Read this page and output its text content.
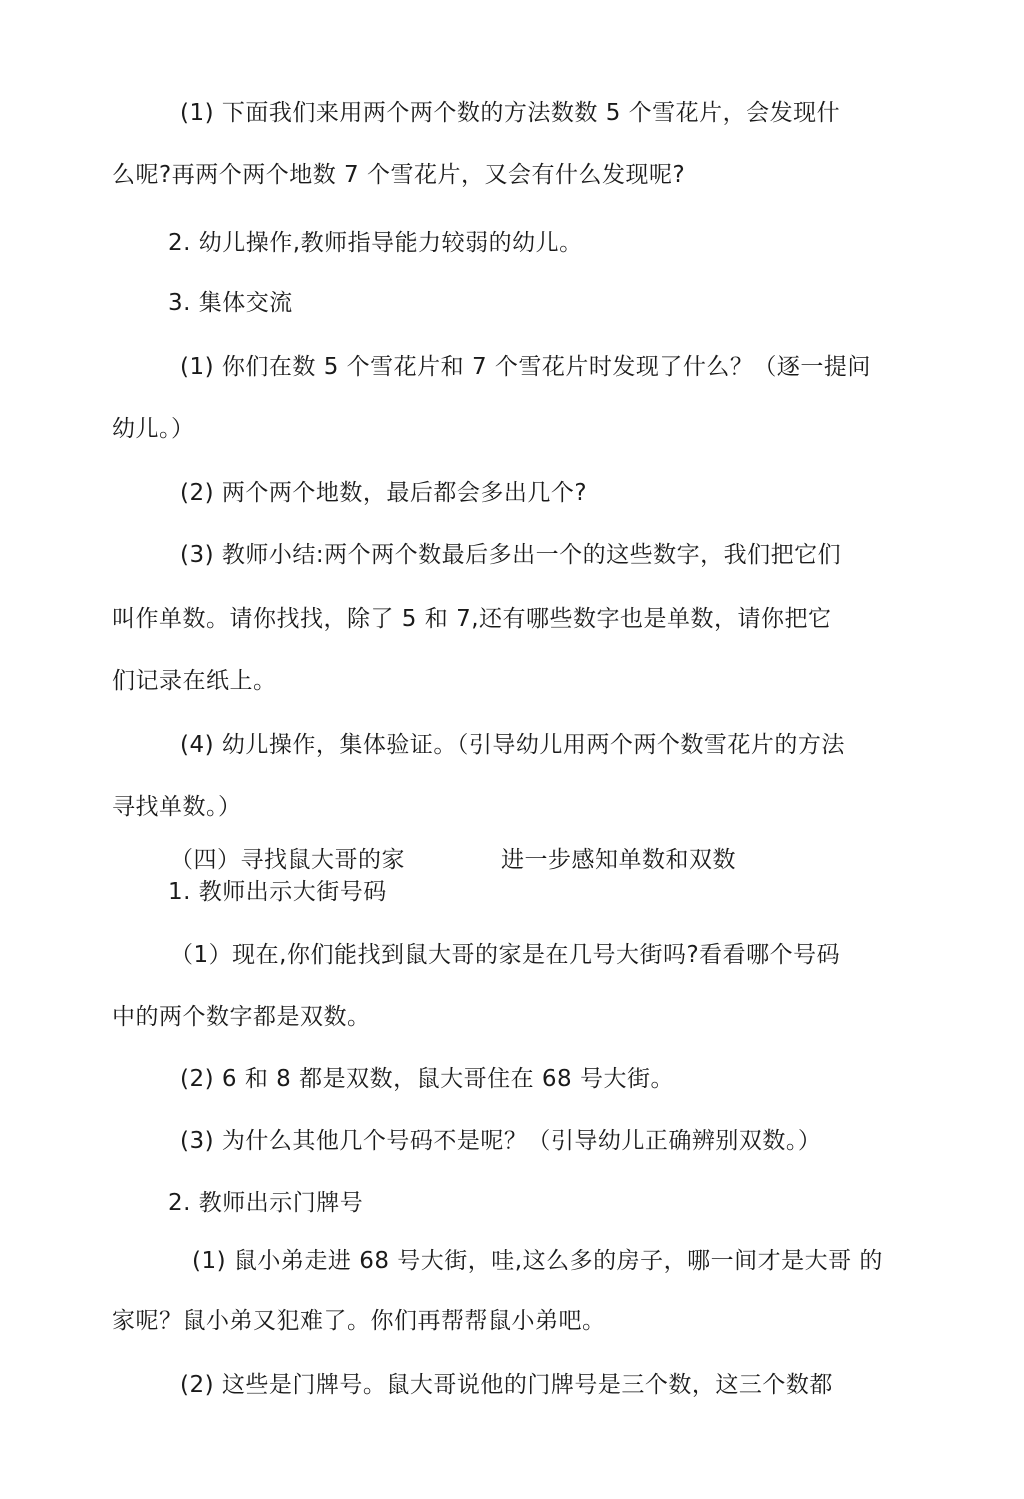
(1) 下面我们来用两个两个数的方法数数 5 个雪花片，会发现什
么呢?再两个两个地数 7 个雪花片，又会有什么发现呢?
2. 幼儿操作,教师指导能力较弱的幼儿。
3. 集体交流
(1) 你们在数 5 个雪花片和 7 个雪花片时发现了什么？（逐一提问
幼儿。）
(2) 两个两个地数，最后都会多出几个?
(3) 教师小结:两个两个数最后多出一个的这些数字，我们把它们
叫作单数。请你找找，除了 5 和 7,还有哪些数字也是单数，请你把它
们记录在纸上。
(4) 幼儿操作，集体验证。（引导幼儿用两个两个数雪花片的方法
寻找单数。）
（四）寻找鼠大哥的家	进一步感知单数和双数
1. 教师出示大街号码
（1）现在,你们能找到鼠大哥的家是在几号大街吗?看看哪个号码
中的两个数字都是双数。
(2) 6 和 8 都是双数，鼠大哥住在 68 号大街。
(3) 为什么其他几个号码不是呢？（引导幼儿正确辨别双数。）
2. 教师出示门牌号
(1) 鼠小弟走进 68 号大街，哇,这么多的房子，哪一间才是大哥 的
家呢？鼠小弟又犯难了。你们再帮帮鼠小弟吧。
(2) 这些是门牌号。鼠大哥说他的门牌号是三个数，这三个数都
